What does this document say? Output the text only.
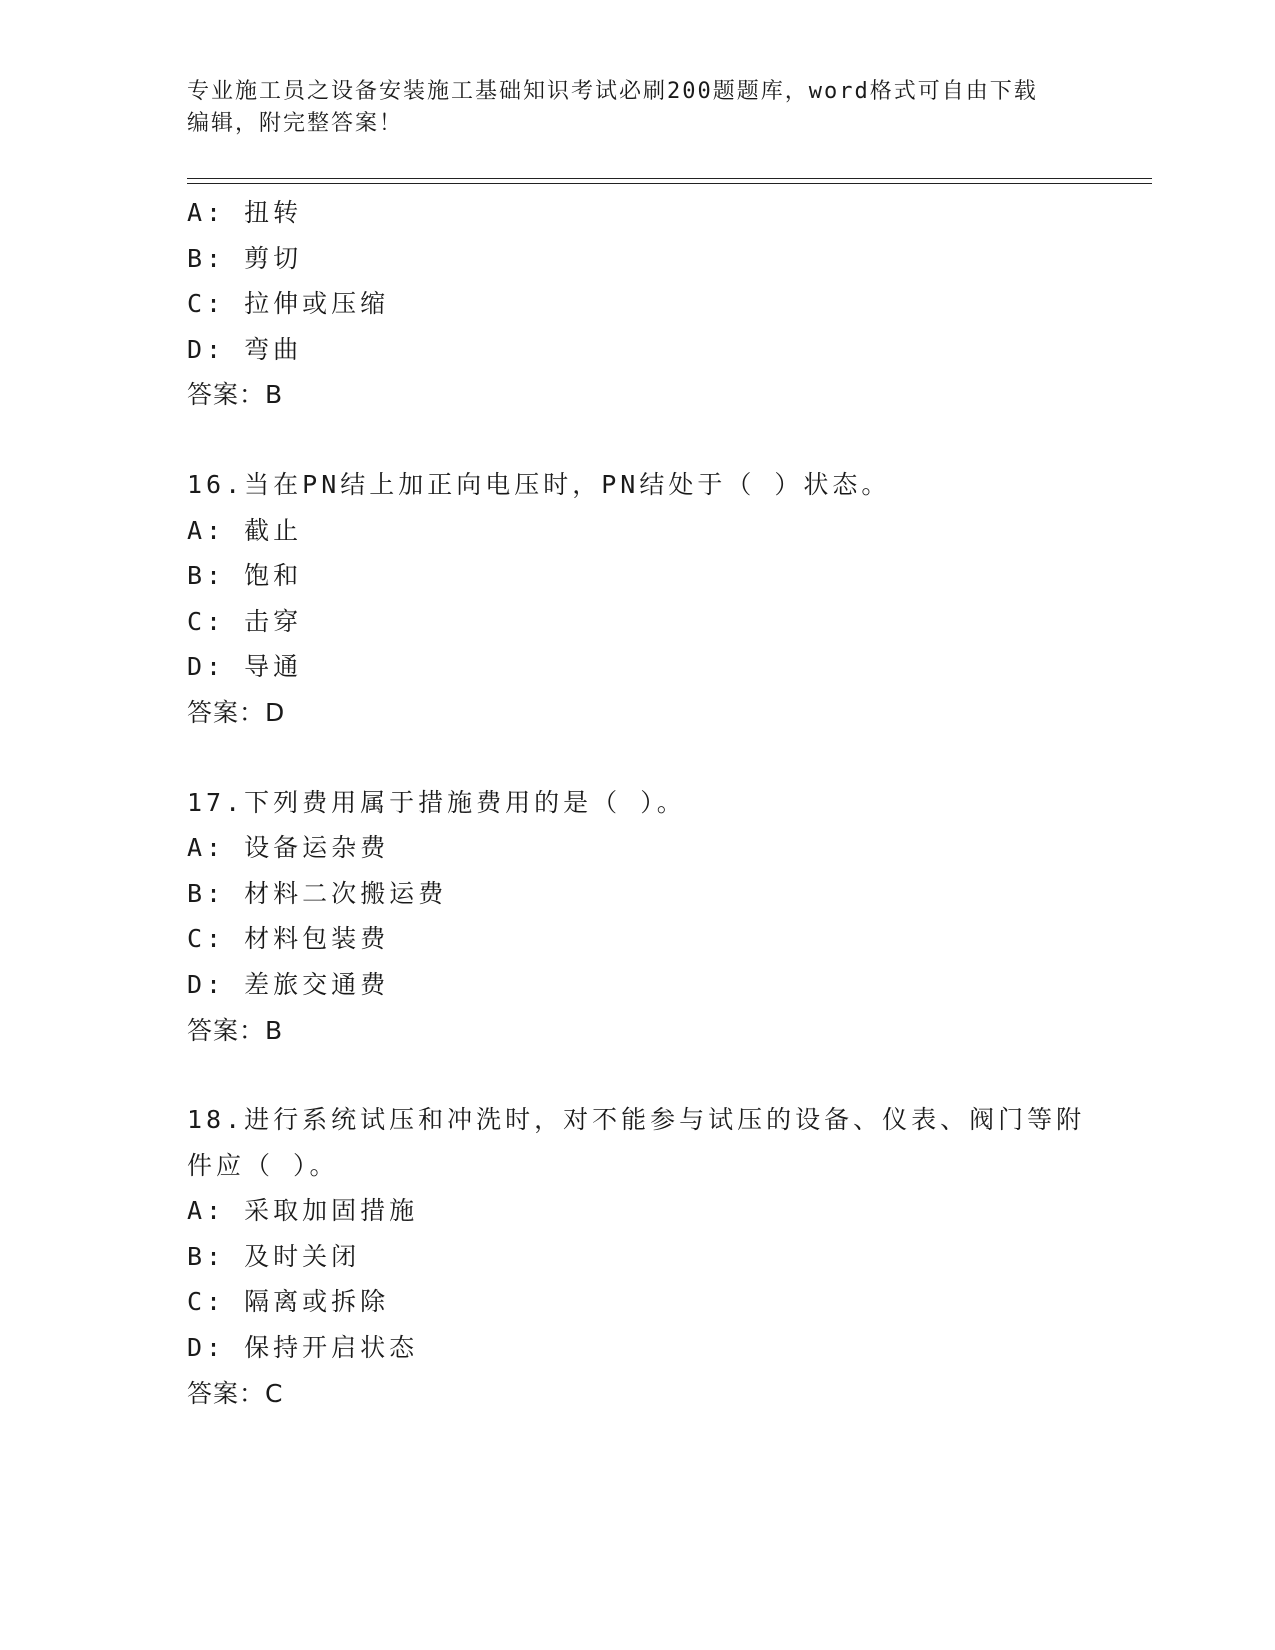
专业施工员之设备安装施工基础知识考试必刷200题题库，word格式可自由下载
编辑，附完整答案！
A: 扭转
B: 剪切
C: 拉伸或压缩
D: 弯曲
答案：B
16.当在PN结上加正向电压时，PN结处于（ ）状态。
A: 截止
B: 饱和
C: 击穿
D: 导通
答案：D
17.下列费用属于措施费用的是（ ）。
A: 设备运杂费
B: 材料二次搬运费
C: 材料包装费
D: 差旅交通费
答案：B
18.进行系统试压和冲洗时，对不能参与试压的设备、仪表、阀门等附
件应（ ）。
A: 采取加固措施
B: 及时关闭
C: 隔离或拆除
D: 保持开启状态
答案：C
